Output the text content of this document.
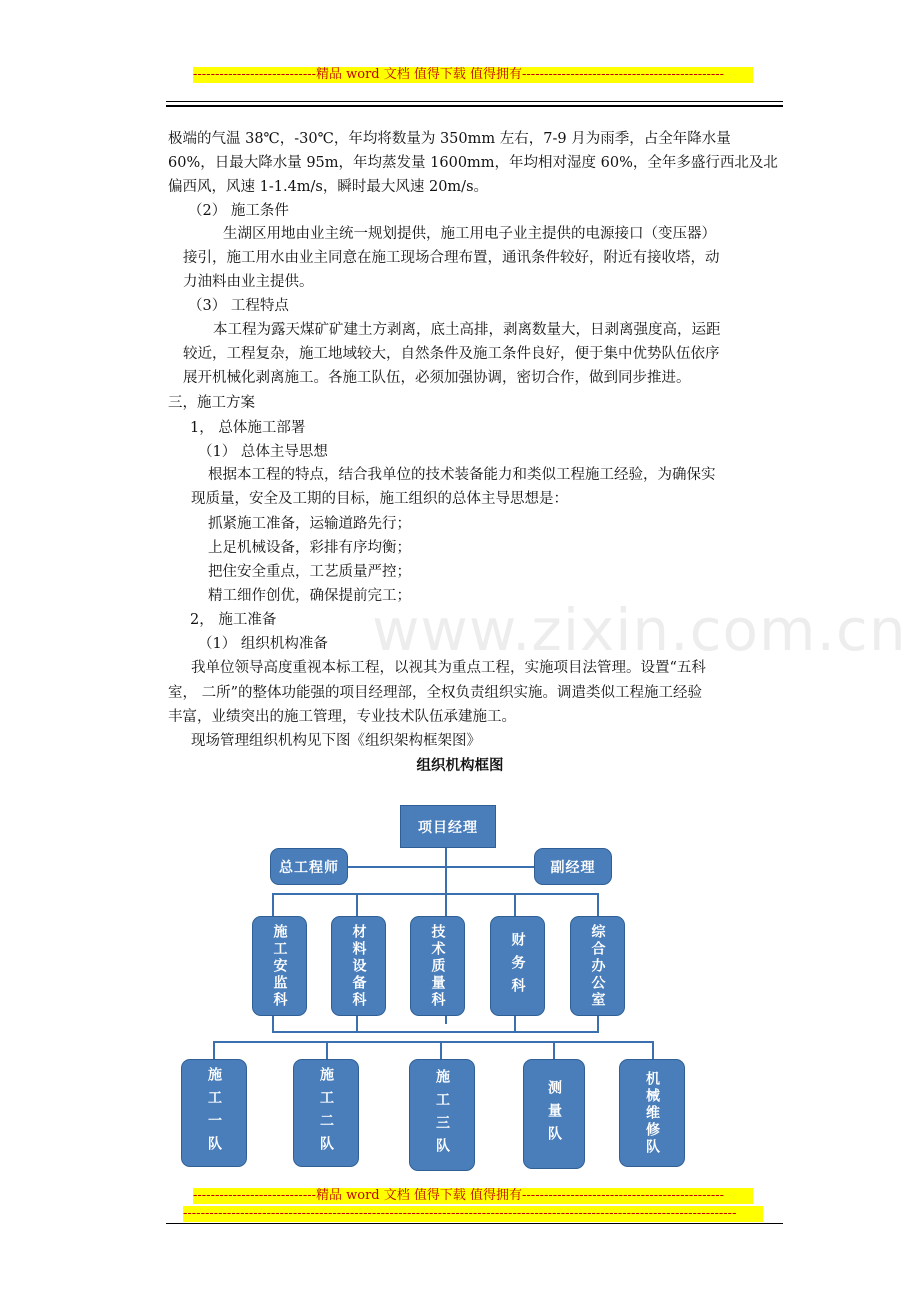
----------------------------精品 word 文档 值得下载 值得拥有----------------------------------------------
www.zixin.com.cn
极端的气温 38℃，-30℃，年均将数量为 350mm 左右，7-9 月为雨季，占全年降水量
60%，日最大降水量 95m，年均蒸发量 1600mm，年均相对湿度 60%，全年多盛行西北及北
偏西风，风速 1-1.4m/s，瞬时最大风速 20m/s。
（2） 施工条件
生湖区用地由业主统一规划提供，施工用电子业主提供的电源接口（变压器）
接引，施工用水由业主同意在施工现场合理布置，通讯条件较好，附近有接收塔，动
力油料由业主提供。
（3） 工程特点
本工程为露天煤矿矿建土方剥离，底土高排，剥离数量大，日剥离强度高，运距
较近，工程复杂，施工地域较大，自然条件及施工条件良好，便于集中优势队伍依序
展开机械化剥离施工。各施工队伍，必须加强协调，密切合作，做到同步推进。
三，施工方案
1， 总体施工部署
（1） 总体主导思想
根据本工程的特点，结合我单位的技术装备能力和类似工程施工经验，为确保实
现质量，安全及工期的目标，施工组织的总体主导思想是：
抓紧施工准备，运输道路先行；
上足机械设备，彩排有序均衡；
把住安全重点，工艺质量严控；
精工细作创优，确保提前完工；
2， 施工准备
（1） 组织机构准备
我单位领导高度重视本标工程，以视其为重点工程，实施项目法管理。设置“五科
室， 二所”的整体功能强的项目经理部，全权负责组织实施。调遣类似工程施工经验
丰富，业绩突出的施工管理，专业技术队伍承建施工。
现场管理组织机构见下图《组织架构框架图》
组织机构框图
项目经理
总工程师	副经理
施工安监科	材料设备科	技术质量科	财务科	综合办公室
施工一队	施工二队	施工三队	测量队	机械维修队
----------------------------精品 word 文档 值得下载 值得拥有----------------------------------------------
------------------------------------------------------------------------------------------------------------------------------
